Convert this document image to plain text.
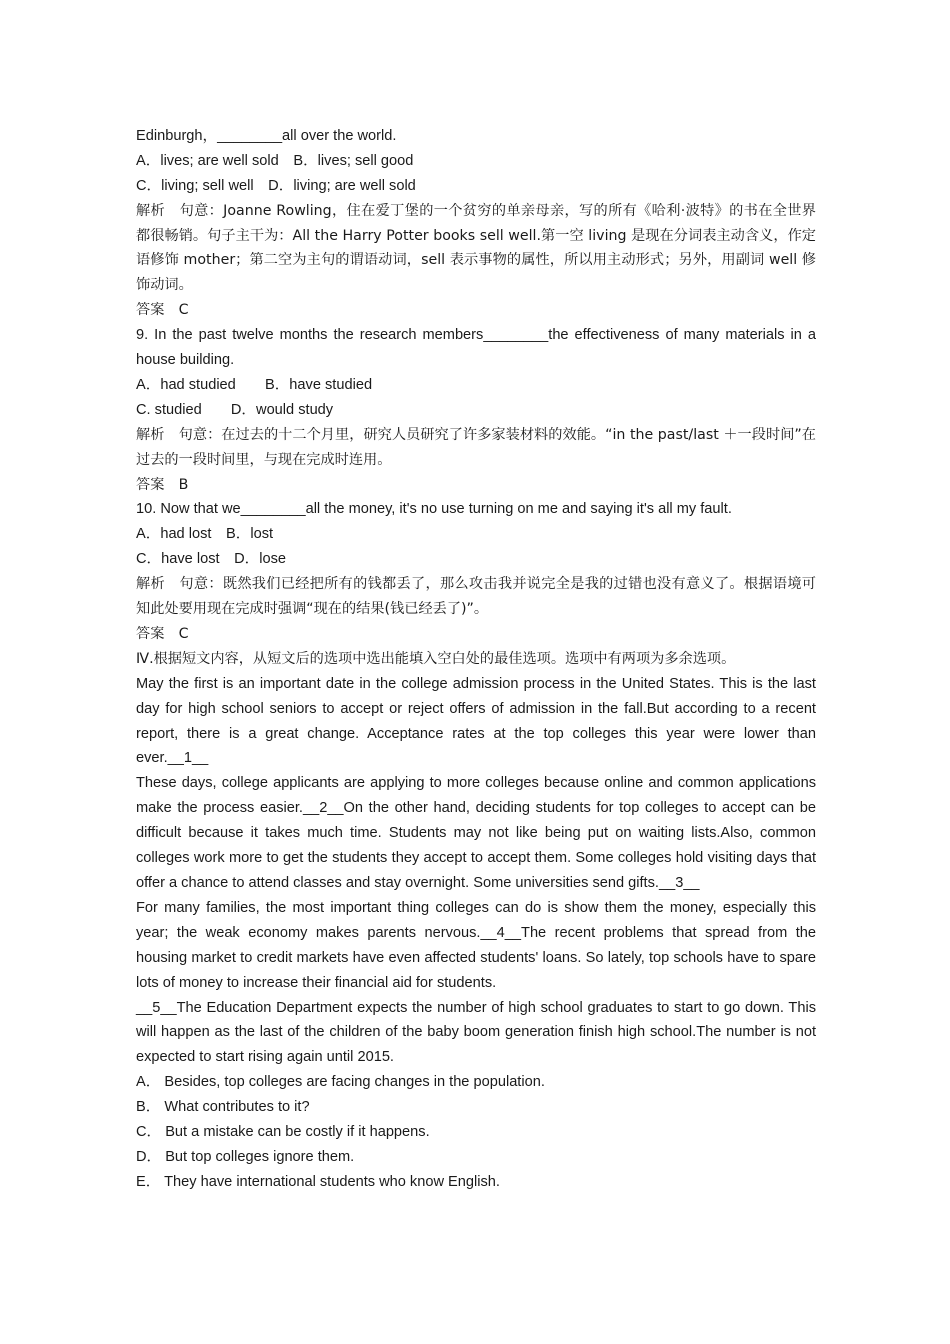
Edinburgh，________all over the world.
A．lives; are well sold　B．lives; sell good
C．living; sell well　D．living; are well sold
解析　句意：Joanne Rowling，住在爱丁堡的一个贫穷的单亲母亲，写的所有《哈利·波特》的书在全世界都很畅销。句子主干为：All the Harry Potter books sell well.第一空 living 是现在分词表主动含义，作定语修饰 mother；第二空为主句的谓语动词，sell 表示事物的属性，所以用主动形式；另外，用副词 well 修饰动词。
答案　C
9. In the past twelve months the research members________the effectiveness of many materials in a house building.
A．had studied　　B．have studied
C. studied　　D．would study
解析　句意：在过去的十二个月里，研究人员研究了许多家装材料的效能。“in the past/last ＋一段时间”在过去的一段时间里，与现在完成时连用。
答案　B
10. Now that we________all the money, it's no use turning on me and saying it's all my fault.
A．had lost　B．lost
C．have lost　D．lose
解析　句意：既然我们已经把所有的钱都丢了，那么攻击我并说完全是我的过错也没有意义了。根据语境可知此处要用现在完成时强调“现在的结果(钱已经丢了)”。
答案　C
Ⅳ.根据短文内容，从短文后的选项中选出能填入空白处的最佳选项。选项中有两项为多余选项。
May the first is an important date in the college admission process in the United States. This is the last day for high school seniors to accept or reject offers of admission in the fall.But according to a recent report, there is a great change. Acceptance rates at the top colleges this year were lower than ever.__1__
These days, college applicants are applying to more colleges because online and common applications make the process easier.__2__On the other hand, deciding students for top colleges to accept can be difficult because it takes much time. Students may not like being put on waiting lists.Also, common colleges work more to get the students they accept to accept them. Some colleges hold visiting days that offer a chance to attend classes and stay overnight. Some universities send gifts.__3__
For many families, the most important thing colleges can do is show them the money, especially this year; the weak economy makes parents nervous.__4__The recent problems that spread from the housing market to credit markets have even affected students' loans. So lately, top schools have to spare lots of money to increase their financial aid for students.
__5__The Education Department expects the number of high school graduates to start to go down. This will happen as the last of the children of the baby boom generation finish high school.The number is not expected to start rising again until 2015.
A． Besides, top colleges are facing changes in the population.
B． What contributes to it?
C． But a mistake can be costly if it happens.
D． But top colleges ignore them.
E． They have international students who know English.
